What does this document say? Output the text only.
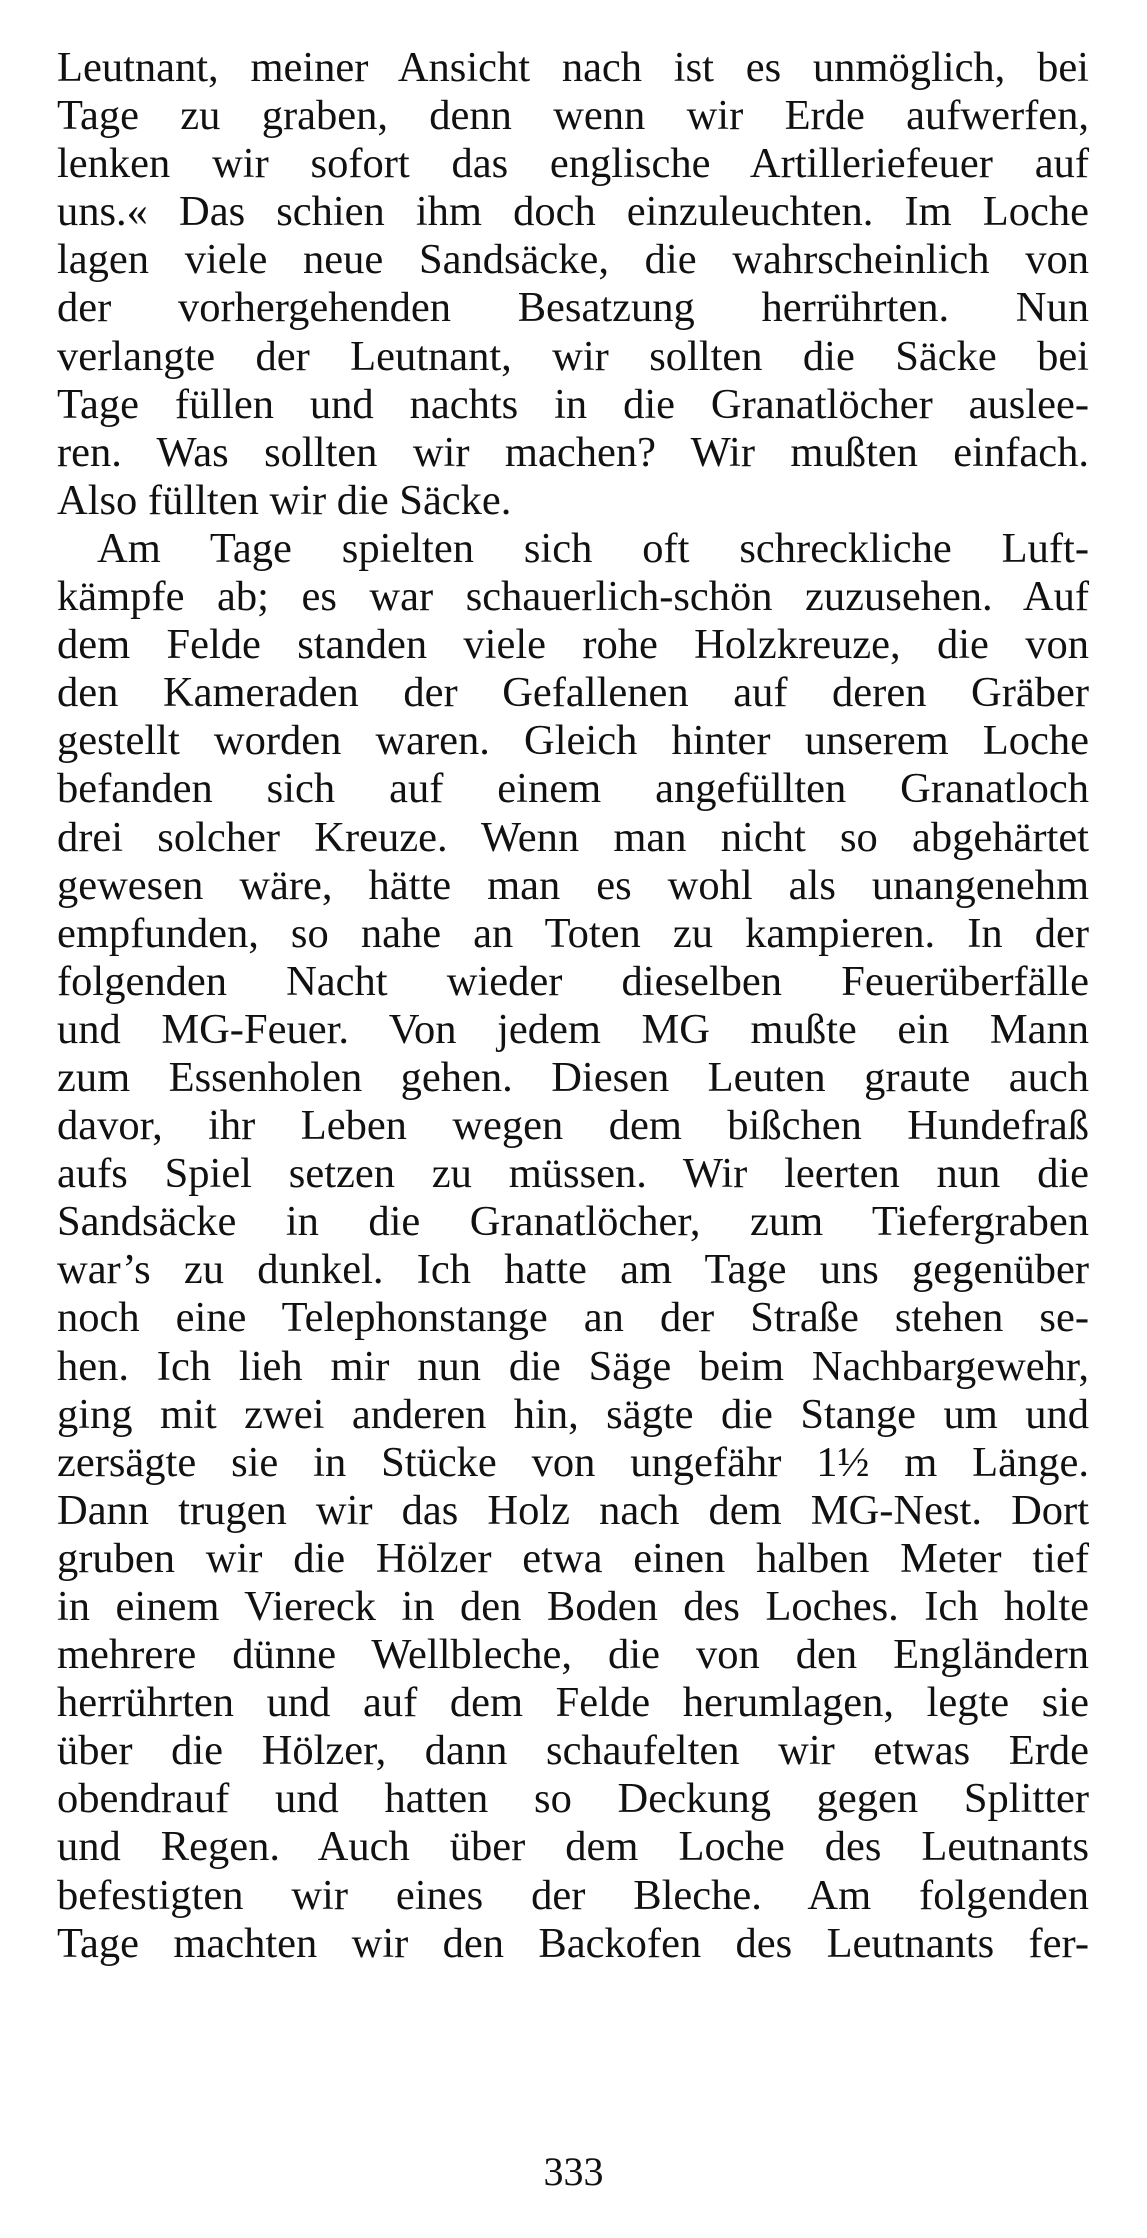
Leutnant, meiner Ansicht nach ist es unmöglich, bei
Tage zu graben, denn wenn wir Erde aufwerfen,
lenken wir sofort das englische Artilleriefeuer auf
uns.« Das schien ihm doch einzuleuchten. Im Loche
lagen viele neue Sandsäcke, die wahrscheinlich von
der vorhergehenden Besatzung herrührten. Nun
verlangte der Leutnant, wir sollten die Säcke bei
Tage füllen und nachts in die Granatlöcher auslee-
ren. Was sollten wir machen? Wir mußten einfach.
Also füllten wir die Säcke.

Am Tage spielten sich oft schreckliche Luft-
kämpfe ab; es war schauerlich-schön zuzusehen. Auf
dem Felde standen viele rohe Holzkreuze, die von
den Kameraden der Gefallenen auf deren Gräber
gestellt worden waren. Gleich hinter unserem Loche
befanden sich auf einem angefüllten Granatloch
drei solcher Kreuze. Wenn man nicht so abgehärtet
gewesen wäre, hätte man es wohl als unangenehm
empfunden, so nahe an Toten zu kampieren. In der
folgenden Nacht wieder dieselben Feuerüberfälle
und MG-Feuer. Von jedem MG mußte ein Mann
zum Essenholen gehen. Diesen Leuten graute auch
davor, ihr Leben wegen dem bißchen Hundefraß
aufs Spiel setzen zu müssen. Wir leerten nun die
Sandsäcke in die Granatlöcher, zum Tiefergraben
war’s zu dunkel. Ich hatte am Tage uns gegenüber
noch eine Telephonstange an der Straße stehen se-
hen. Ich lieh mir nun die Säge beim Nachbargewehr,
ging mit zwei anderen hin, sägte die Stange um und
zersägte sie in Stücke von ungefähr 1½ m Länge.
Dann trugen wir das Holz nach dem MG-Nest. Dort
gruben wir die Hölzer etwa einen halben Meter tief
in einem Viereck in den Boden des Loches. Ich holte
mehrere dünne Wellbleche, die von den Engländern
herrührten und auf dem Felde herumlagen, legte sie
über die Hölzer, dann schaufelten wir etwas Erde
obendrauf und hatten so Deckung gegen Splitter
und Regen. Auch über dem Loche des Leutnants
befestigten wir eines der Bleche. Am folgenden
Tage machten wir den Backofen des Leutnants fer-

333
